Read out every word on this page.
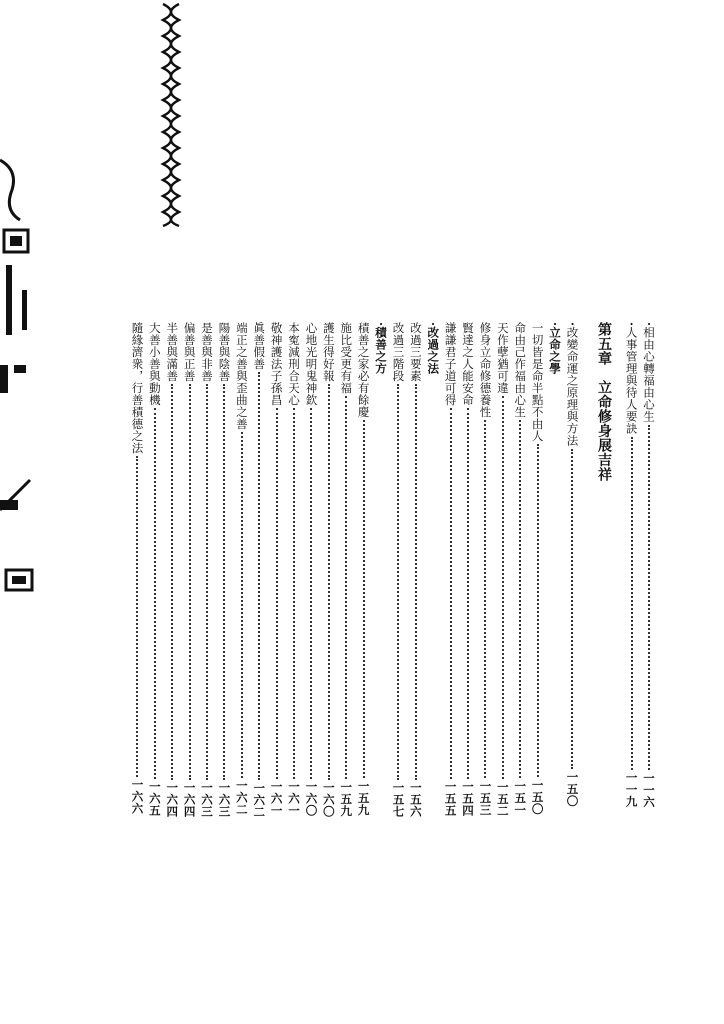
·相由心轉福由心生一一六
·人事管理與待人要訣一一九
第五章　立命修身展吉祥
·改變命運之原理與方法一五〇
·立命之學
一切皆是命半點不由人一五〇
命由己作福由心生一五一
天作孽猶可違一五二
修身立命修德養性一五三
賢達之人能安命一五四
謙謙君子道可得一五五
·改過之法
改過三要素一五六
改過三階段一五七
·積善之方
積善之家必有餘慶一五九
施比受更有福一五九
護生得好報一六〇
心地光明鬼神欽一六〇
本寃減刑合天心一六一
敬神護法子孫昌一六一
眞善假善一六二
端正之善與歪曲之善一六二
陽善與陰善一六三
是善與非善一六三
偏善與正善一六四
半善與滿善一六四
大善小善與動機一六五
隨緣濟衆，行善積德之法一六六
